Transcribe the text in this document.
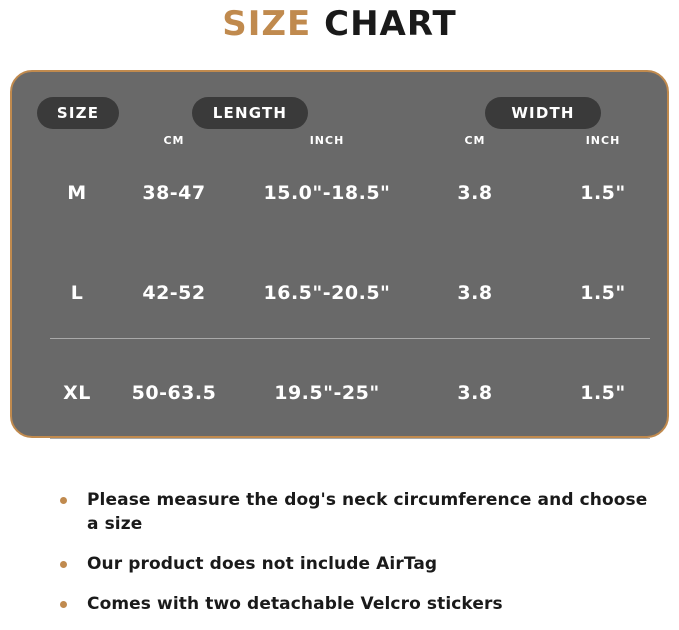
SIZE CHART
SIZE	LENGTH	WIDTH
CM	INCH	CM	INCH
M	38-47	15.0"-18.5"	3.8	1.5"
L	42-52	16.5"-20.5"	3.8	1.5"
XL	50-63.5	19.5"-25"	3.8	1.5"
Please measure the dog's neck circumference and choose a size
Our product does not include AirTag
Comes with two detachable Velcro stickers
